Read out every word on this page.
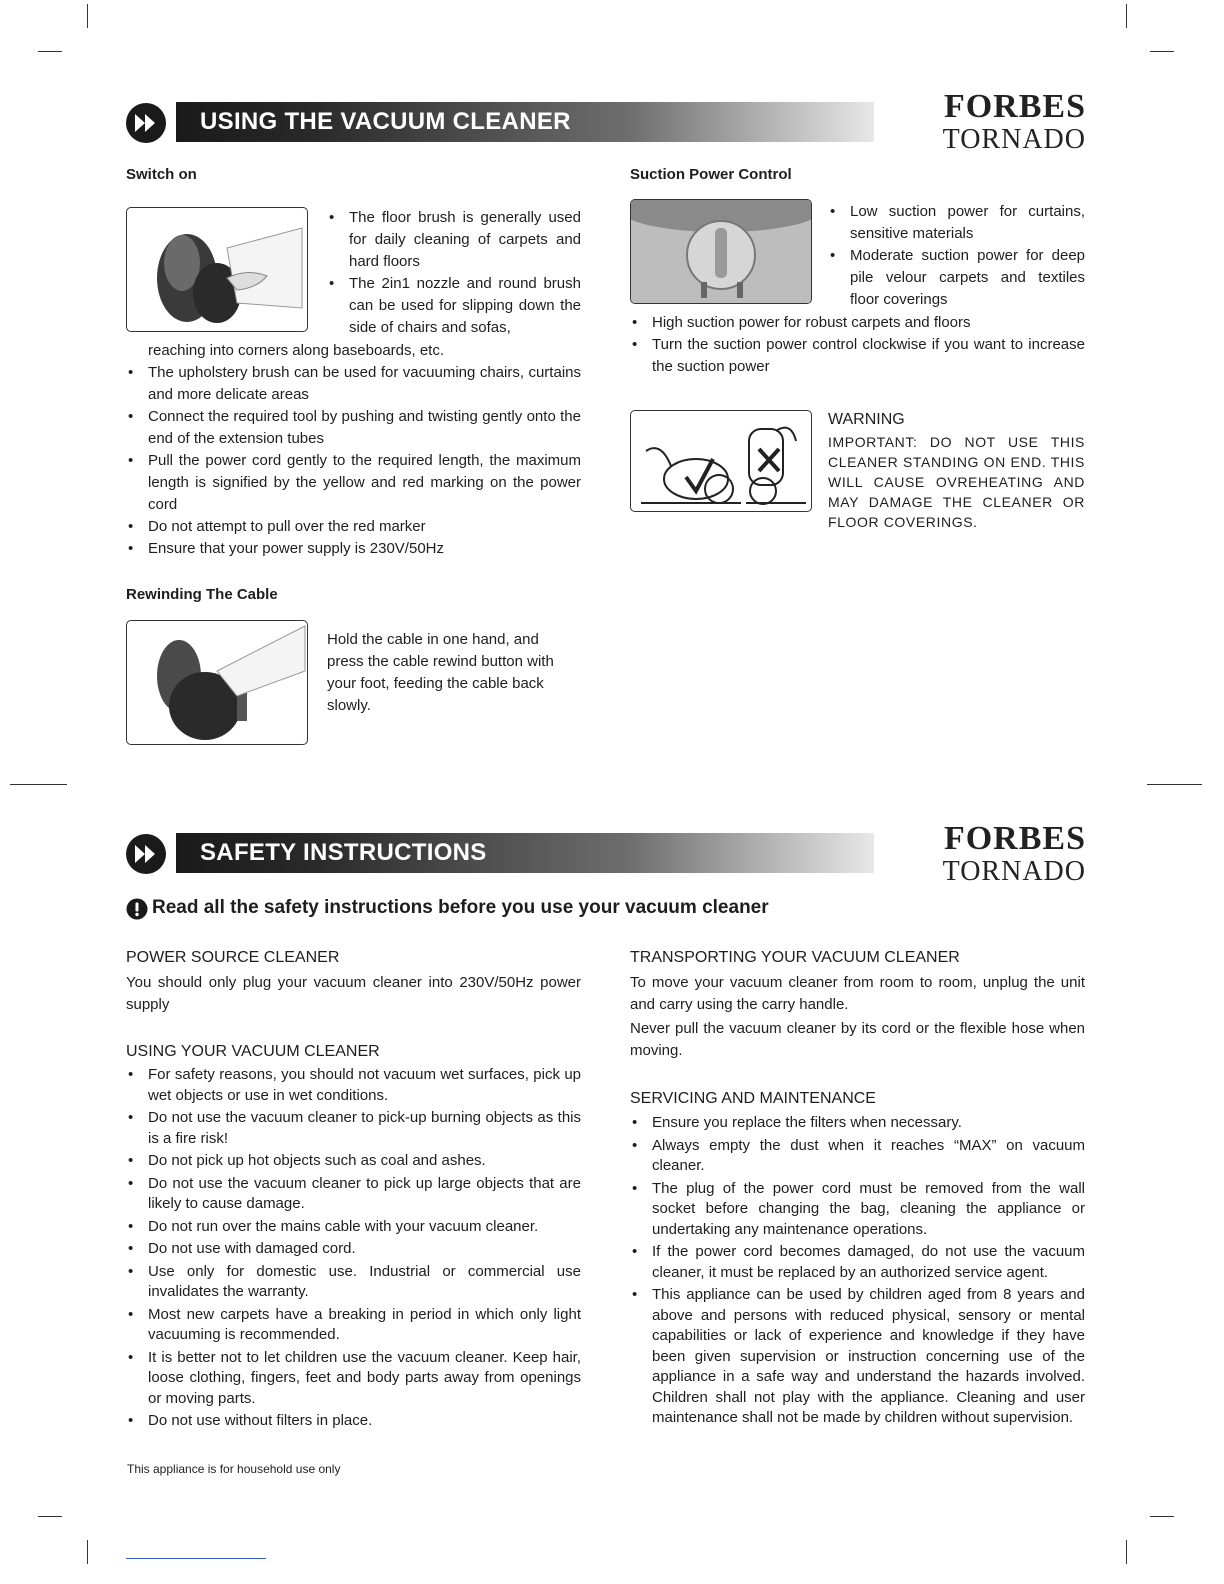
USING THE VACUUM CLEANER	FORBES
TORNADO
Switch on
• The floor brush is generally used for daily cleaning of carpets and hard floors
• The 2in1 nozzle and round brush can be used for slipping down the side of chairs and sofas,
reaching into corners along baseboards, etc.
• The upholstery brush can be used for vacuuming chairs, curtains and more delicate areas
• Connect the required tool by pushing and twisting gently onto the end of the extension tubes
• Pull the power cord gently to the required length, the maximum length is signified by the yellow and red marking on the power cord
• Do not attempt to pull over the red marker
• Ensure that your power supply is 230V/50Hz
Rewinding The Cable
Hold the cable in one hand, and press the cable rewind button with your foot, feeding the cable back slowly.
Suction Power Control
• Low suction power for curtains, sensitive materials
• Moderate suction power for deep pile velour carpets and textiles floor coverings
• High suction power for robust carpets and floors
• Turn the suction power control clockwise if you want to increase the suction power
WARNING
IMPORTANT: DO NOT USE THIS CLEANER STANDING ON END. THIS WILL CAUSE OVREHEATING AND MAY DAMAGE THE CLEANER OR FLOOR COVERINGS.
SAFETY INSTRUCTIONS	FORBES
TORNADO
Read all the safety instructions before you use your vacuum cleaner
POWER SOURCE CLEANER
You should only plug your vacuum cleaner into 230V/50Hz power supply
USING YOUR VACUUM CLEANER
• For safety reasons, you should not vacuum wet surfaces, pick up wet objects or use in wet conditions.
• Do not use the vacuum cleaner to pick-up burning objects as this is a fire risk!
• Do not pick up hot objects such as coal and ashes.
• Do not use the vacuum cleaner to pick up large objects that are likely to cause damage.
• Do not run over the mains cable with your vacuum cleaner.
• Do not use with damaged cord.
• Use only for domestic use. Industrial or commercial use invalidates the warranty.
• Most new carpets have a breaking in period in which only light vacuuming is recommended.
• It is better not to let children use the vacuum cleaner. Keep hair, loose clothing, fingers, feet and body parts away from openings or moving parts.
• Do not use without filters in place.
This appliance is for household use only
TRANSPORTING YOUR VACUUM CLEANER
To move your vacuum cleaner from room to room, unplug the unit and carry using the carry handle.
Never pull the vacuum cleaner by its cord or the flexible hose when moving.
SERVICING AND MAINTENANCE
• Ensure you replace the filters when necessary.
• Always empty the dust when it reaches “MAX” on vacuum cleaner.
• The plug of the power cord must be removed from the wall socket before changing the bag, cleaning the appliance or undertaking any maintenance operations.
• If the power cord becomes damaged, do not use the vacuum cleaner, it must be replaced by an authorized service agent.
• This appliance can be used by children aged from 8 years and above and persons with reduced physical, sensory or mental capabilities or lack of experience and knowledge if they have been given supervision or instruction concerning use of the appliance in a safe way and understand the hazards involved. Children shall not play with the appliance. Cleaning and user maintenance shall not be made by children without supervision.
